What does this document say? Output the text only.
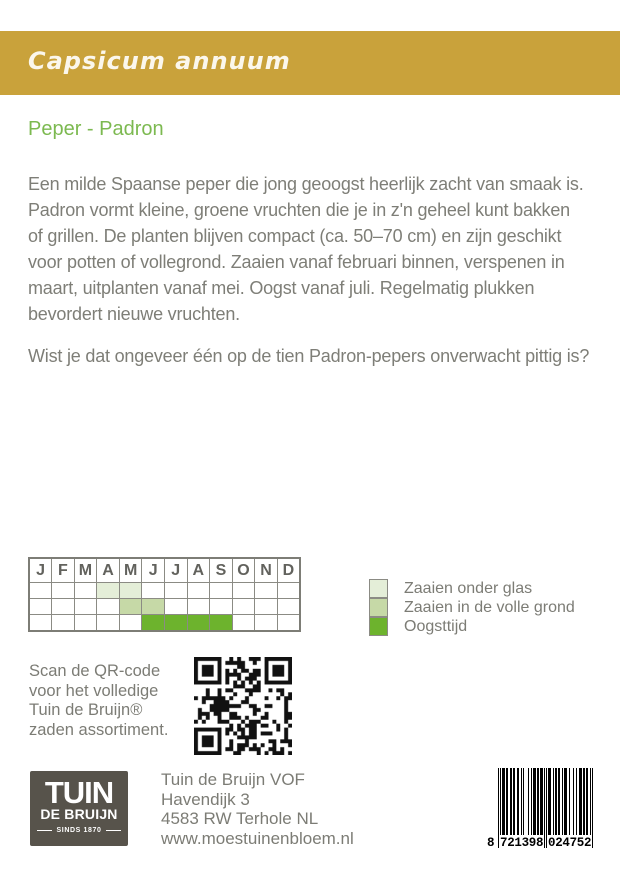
Capsicum annuum
Peper - Padron

Een milde Spaanse peper die jong geoogst heerlijk zacht van smaak is. Padron vormt kleine, groene vruchten die je in z'n geheel kunt bakken of grillen. De planten blijven compact (ca. 50–70 cm) en zijn geschikt voor potten of vollegrond. Zaaien vanaf februari binnen, verspenen in maart, uitplanten vanaf mei. Oogst vanaf juli. Regelmatig plukken bevordert nieuwe vruchten.

Wist je dat ongeveer één op de tien Padron-pepers onverwacht pittig is?

J	F	M	A	M	J	J	A	S	O	N	D

Zaaien onder glas
Zaaien in de volle grond
Oogsttijd
Scan de QR-code
voor het volledige
Tuin de Bruijn®
zaden assortiment.
TUIN
DE BRUIJN
SINDS 1870
Tuin de Bruijn VOF
Havendijk 3
4583 RW Terhole NL
www.moestuinenbloem.nl	8 721398 024752
